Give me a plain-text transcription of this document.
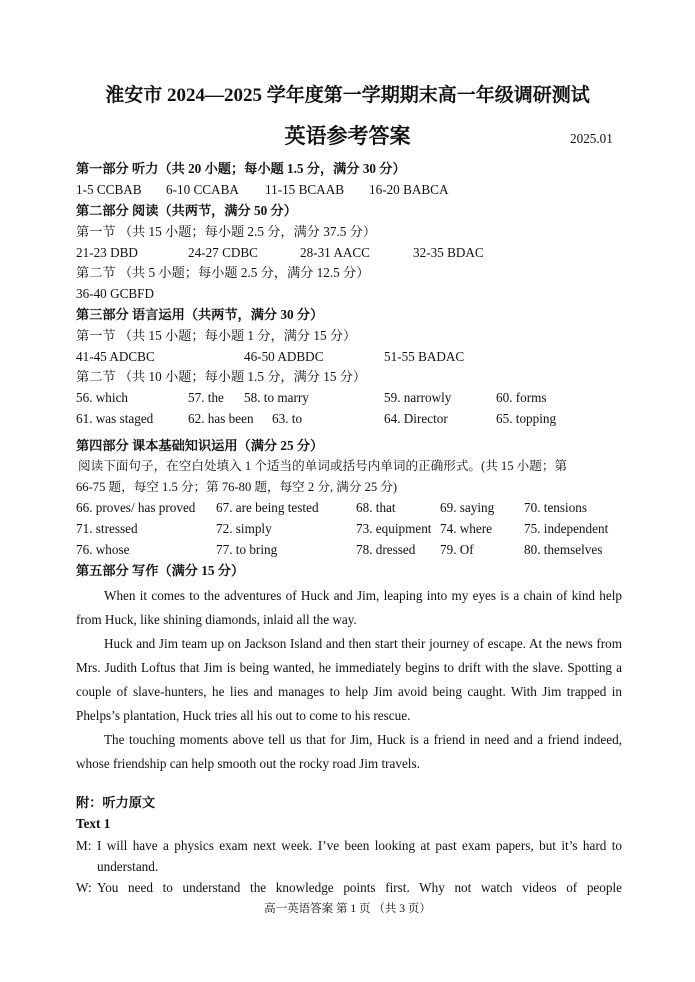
淮安市 2024—2025 学年度第一学期期末高一年级调研测试
英语参考答案	2025.01
第一部分 听力（共 20 小题；每小题 1.5 分，满分 30 分）
1-5 CCBAB 6-10 CCABA 11-15 BCAAB 16-20 BABCA
第二部分 阅读（共两节，满分 50 分）
第一节 （共 15 小题；每小题 2.5 分，满分 37.5 分）
21-23 DBD	24-27 CDBC	28-31 AACC	32-35 BDAC
第二节 （共 5 小题；每小题 2.5 分，满分 12.5 分）
36-40 GCBFD
第三部分 语言运用（共两节，满分 30 分）
第一节 （共 15 小题；每小题 1 分，满分 15 分）
41-45 ADCBC	46-50 ADBDC	51-55 BADAC
第二节 （共 10 小题；每小题 1.5 分，满分 15 分）
56. which	57. the 58. to marry	59. narrowly	60. forms
61. was staged	62. has been 63. to	64. Director	65. topping
第四部分 课本基础知识运用（满分 25 分）
阅读下面句子，在空白处填入 1 个适当的单词或括号内单词的正确形式。(共 15 小题；第
66-75 题，每空 1.5 分；第 76-80 题，每空 2 分, 满分 25 分)
66. proves/ has proved 67. are being tested	68. that	69. saying 70. tensions
71. stressed	72. simply	73. equipment 74. where 75. independent
76. whose	77. to bring	78. dressed 79. Of	80. themselves
第五部分 写作（满分 15 分）
When it comes to the adventures of Huck and Jim, leaping into my eyes is a chain of kind help from Huck, like shining diamonds, inlaid all the way.
Huck and Jim team up on Jackson Island and then start their journey of escape. At the news from Mrs. Judith Loftus that Jim is being wanted, he immediately begins to drift with the slave. Spotting a couple of slave-hunters, he lies and manages to help Jim avoid being caught. With Jim trapped in Phelps’s plantation, Huck tries all his out to come to his rescue.
The touching moments above tell us that for Jim, Huck is a friend in need and a friend indeed, whose friendship can help smooth out the rocky road Jim travels.
附：听力原文
Text 1
M: I will have a physics exam next week. I’ve been looking at past exam papers, but it’s hard to understand.
W: You need to understand the knowledge points first. Why not watch videos of people
高一英语答案 第 1 页 （共 3 页）
